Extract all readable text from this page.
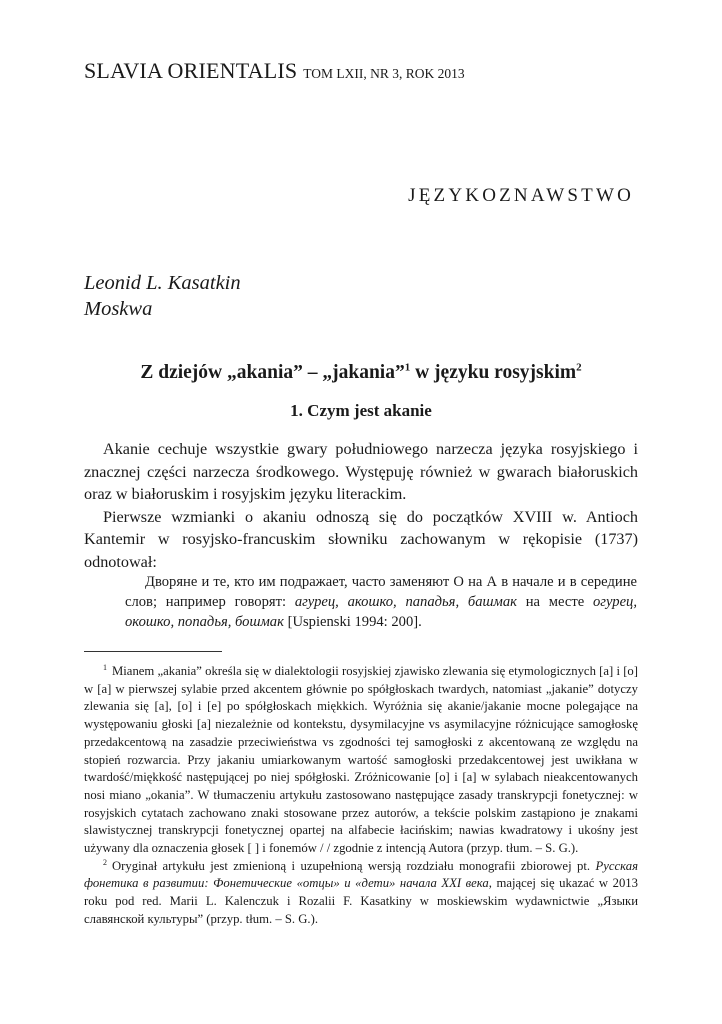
SLAVIA ORIENTALIS TOM LXII, NR 3, ROK 2013
JĘZYKOZNAWSTWO
Leonid L. Kasatkin
Moskwa
Z dziejów „akania” – „jakania”$^1$ w języku rosyjskim$^2$
1. Czym jest akanie

Akanie cechuje wszystkie gwary południowego narzecza języka rosyjskiego i znacznej części narzecza środkowego. Występuję również w gwarach białoruskich oraz w białoruskim i rosyjskim języku literackim.

Pierwsze wzmianki o akaniu odnoszą się do początków XVIII w. Antioch Kantemir w rosyjsko-francuskim słowniku zachowanym w rękopisie (1737) odnotował:

Дворяне и те, кто им подражает, часто заменяют О на А в начале и в середине слов; например говорят: агурец, акошко, пападья, башмак на месте огурец, окошко, попадья, бошмак [Uspienski 1994: 200].

$^1$ Mianem „akania” określa się w dialektologii rosyjskiej zjawisko zlewania się etymologicznych [a] i [o] w [a] w pierwszej sylabie przed akcentem głównie po spółgłoskach twardych, natomiast „jakanie” dotyczy zlewania się [a], [o] i [e] po spółgłoskach miękkich. Wyróżnia się akanie/jakanie mocne polegające na występowaniu głoski [a] niezależnie od kontekstu, dysymilacyjne vs asymilacyjne różnicujące samogłoskę przedakcentową na zasadzie przeciwieństwa vs zgodności tej samogłoski z akcentowaną ze względu na stopień rozwarcia. Przy jakaniu umiarkowanym wartość samogłoski przedakcentowej jest uwikłana w twardość/miękkość następującej po niej spółgłoski. Zróżnicowanie [o] i [a] w sylabach nieakcentowanych nosi miano „okania”. W tłumaczeniu artykułu zastosowano następujące zasady transkrypcji fonetycznej: w rosyjskich cytatach zachowano znaki stosowane przez autorów, a tekście polskim zastąpiono je znakami slawistycznej transkrypcji fonetycznej opartej na alfabecie łacińskim; nawias kwadratowy i ukośny jest używany dla oznaczenia głosek [ ] i fonemów / / zgodnie z intencją Autora (przyp. tłum. – S. G.).

$^2$ Oryginał artykułu jest zmienioną i uzupełnioną wersją rozdziału monografii zbiorowej pt. Русская фонетика в развитии: Фонетические «отцы» и «дети» начала XXI века, mającej się ukazać w 2013 roku pod red. Marii L. Kalenczuk i Rozalii F. Kasatkiny w moskiewskim wydawnictwie „Языки славянской культуры” (przyp. tłum. – S. G.).
